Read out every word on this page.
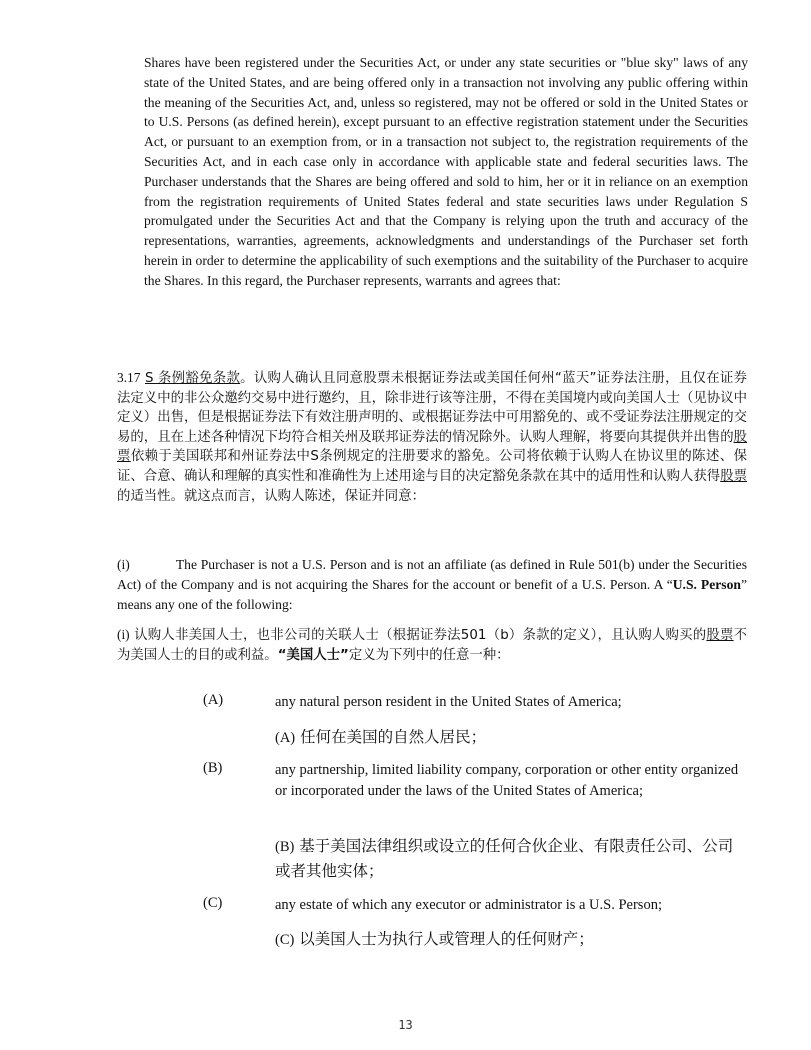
Shares have been registered under the Securities Act, or under any state securities or "blue sky" laws of any state of the United States, and are being offered only in a transaction not involving any public offering within the meaning of the Securities Act, and, unless so registered, may not be offered or sold in the United States or to U.S. Persons (as defined herein), except pursuant to an effective registration statement under the Securities Act, or pursuant to an exemption from, or in a transaction not subject to, the registration requirements of the Securities Act, and in each case only in accordance with applicable state and federal securities laws. The Purchaser understands that the Shares are being offered and sold to him, her or it in reliance on an exemption from the registration requirements of United States federal and state securities laws under Regulation S promulgated under the Securities Act and that the Company is relying upon the truth and accuracy of the representations, warranties, agreements, acknowledgments and understandings of the Purchaser set forth herein in order to determine the applicability of such exemptions and the suitability of the Purchaser to acquire the Shares. In this regard, the Purchaser represents, warrants and agrees that:
3.17 S 条例豁免条款。认购人确认且同意股票未根据证券法或美国任何州“蓝天”证券法注册，且仅在证券法定义中的非公众邀约交易中进行邀约，且，除非进行该等注册，不得在美国境内或向美国人士（见协议中定义）出售，但是根据证券法下有效注册声明的、或根据证券法中可用豁免的、或不受证券法注册规定的交易的，且在上述各种情况下均符合相关州及联邦证券法的情况除外。认购人理解，将要向其提供并出售的股票依赖于美国联邦和州证券法中S条例规定的注册要求的豁免。公司将依赖于认购人在协议里的陈述、保证、合意、确认和理解的真实性和准确性为上述用途与目的决定豁免条款在其中的适用性和认购人获得股票的适当性。就这点而言，认购人陈述，保证并同意：
(i)	The Purchaser is not a U.S. Person and is not an affiliate (as defined in Rule 501(b) under the Securities Act) of the Company and is not acquiring the Shares for the account or benefit of a U.S. Person. A “U.S. Person” means any one of the following:
(i) 认购人非美国人士，也非公司的关联人士（根据证券法501（b）条款的定义），且认购人购买的股票不为美国人士的目的或利益。“美国人士”定义为下列中的任意一种：
(A)	any natural person resident in the United States of America;
(A) 任何在美国的自然人居民；
(B)	any partnership, limited liability company, corporation or other entity organized or incorporated under the laws of the United States of America;
(B) 基于美国法律组织或设立的任何合伙企业、有限责任公司、公司或者其他实体；
(C)	any estate of which any executor or administrator is a U.S. Person;
(C) 以美国人士为执行人或管理人的任何财产；
13
